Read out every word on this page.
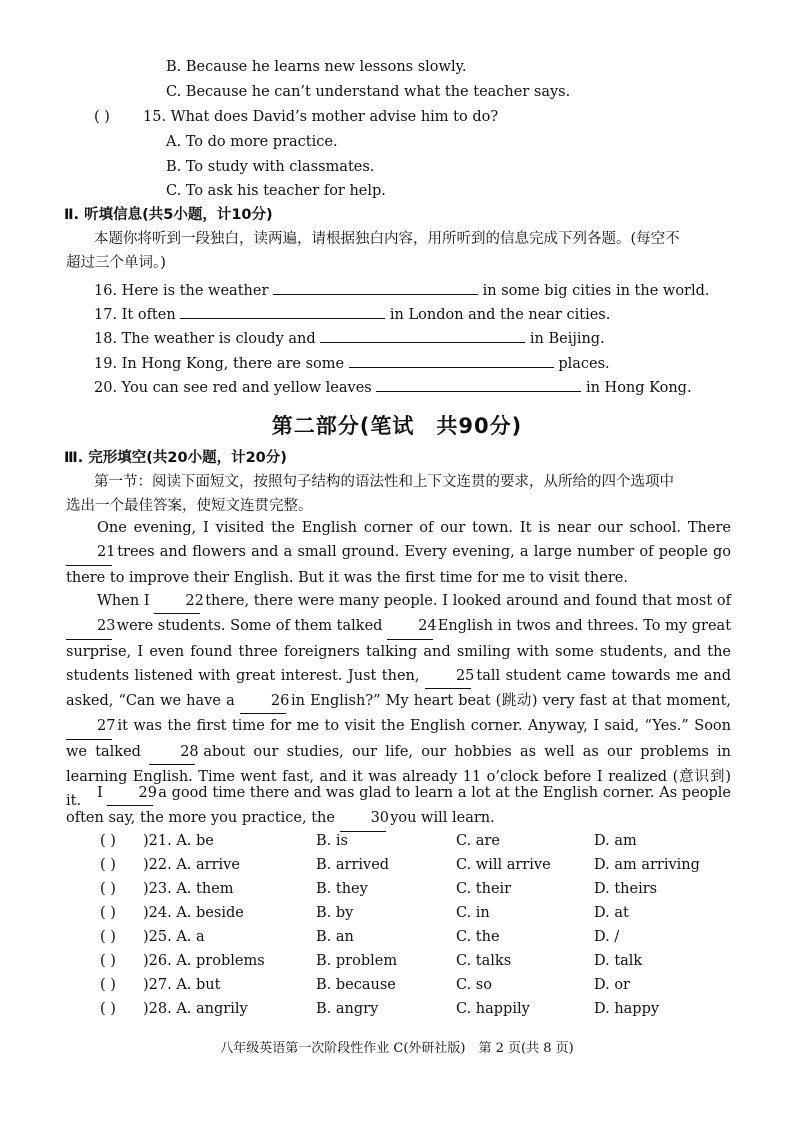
B. Because he learns new lessons slowly.
C. Because he can’t understand what the teacher says.
( ) 15. What does David’s mother advise him to do?
A. To do more practice.
B. To study with classmates.
C. To ask his teacher for help.
Ⅱ. 听填信息(共5小题，计10分)
本题你将听到一段独白，读两遍，请根据独白内容，用所听到的信息完成下列各题。(每空不
超过三个单词。)
16. Here is the weather	in some big cities in the world.
17. It often	in London and the near cities.
18. The weather is cloudy and	in Beijing.
19. In Hong Kong, there are some	places.
20. You can see red and yellow leaves	in Hong Kong.
第二部分(笔试　共90分)
Ⅲ. 完形填空(共20小题，计20分)
第一节：阅读下面短文，按照句子结构的语法性和上下文连贯的要求，从所给的四个选项中
选出一个最佳答案，使短文连贯完整。
One evening, I visited the English corner of our town. It is near our school. There 21 trees and flowers and a small ground. Every evening, a large number of people go there to improve their English. But it was the first time for me to visit there.
When I 22 there, there were many people. I looked around and found that most of 23 were students. Some of them talked 24 English in twos and threes. To my great surprise, I even found three foreigners talking and smiling with some students, and the students listened with great interest. Just then,	25 tall student came towards me and asked, “Can we have a 26 in English?” My heart beat (跳动) very fast at that moment, 27 it was the first time for me to visit the English corner. Anyway, I said, “Yes.” Soon we talked	28 about our studies, our life, our hobbies as well as our problems in learning English. Time went fast, and it was already 11 o’clock before I realized (意识到) it.
I 29 a good time there and was glad to learn a lot at the English corner. As people often say, the more you practice, the 30 you will learn.
( ) )21. A. be	B. is	C. are	D. am
( ) )22. A. arrive	B. arrived	C. will arrive	D. am arriving
( ) )23. A. them	B. they	C. their	D. theirs
( ) )24. A. beside	B. by	C. in	D. at
( ) )25. A. a	B. an	C. the	D. /
( ) )26. A. problems	B. problem	C. talks	D. talk
( ) )27. A. but	B. because	C. so	D. or
( ) )28. A. angrily	B. angry	C. happily	D. happy
八年级英语第一次阶段性作业 C(外研社版)　第 2 页(共 8 页)
